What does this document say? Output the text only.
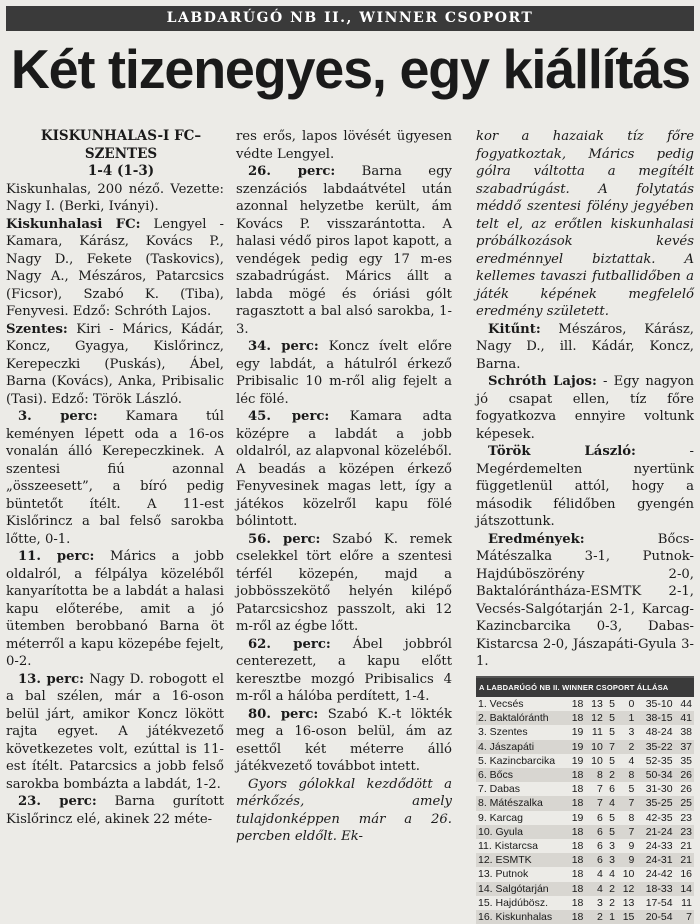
LABDARÚGÓ NB II., WINNER CSOPORT
Két tizenegyes, egy kiállítás

KISKUNHALAS-I FC–

SZENTES

1-4 (1-3)

Kiskunhalas, 200 néző. Vezette: Nagy I. (Berki, Iványi).

Kiskunhalasi FC: Lengyel - Kamara, Kárász, Kovács P., Nagy D., Fekete (Taskovics), Nagy A., Mészáros, Patarcsics (Ficsor), Szabó K. (Tiba), Fenyvesi. Edző: Schróth Lajos.

Szentes: Kiri - Márics, Kádár, Koncz, Gyagya, Kislőrincz, Kerepeczki (Puskás), Ábel, Barna (Kovács), Anka, Pribisalic (Tasi). Edző: Török László.

3. perc: Kamara túl keményen lépett oda a 16-os vonalán álló Kerepeczkinek. A szentesi fiú azonnal „összeesett”, a bíró pedig büntetőt ítélt. A 11-est Kislőrincz a bal felső sarokba lőtte, 0-1.

11. perc: Márics a jobb oldalról, a félpálya közeléből kanyarította be a labdát a halasi kapu előterébe, amit a jó ütemben berobbanó Barna öt méterről a kapu közepébe fejelt, 0-2.

13. perc: Nagy D. robogott el a bal szélen, már a 16-oson belül járt, amikor Koncz lökött rajta egyet. A játékvezető következetes volt, ezúttal is 11-est ítélt. Patarcsics a jobb felső sarokba bombázta a labdát, 1-2.

23. perc: Barna gurított Kislőrincz elé, akinek 22 méte-

res erős, lapos lövését ügyesen védte Lengyel.

26. perc: Barna egy szenzációs labdaátvétel után azonnal helyzetbe került, ám Kovács P. visszarántotta. A halasi védő piros lapot kapott, a vendégek pedig egy 17 m-es szabadrúgást. Márics állt a labda mögé és óriási gólt ragasztott a bal alsó sarokba, 1-3.

34. perc: Koncz ívelt előre egy labdát, a hátulról érkező Pribisalic 10 m-ről alig fejelt a léc fölé.

45. perc: Kamara adta középre a labdát a jobb oldalról, az alapvonal közeléből. A beadás a középen érkező Fenyvesinek magas lett, így a játékos közelről kapu fölé bólintott.

56. perc: Szabó K. remek cselekkel tört előre a szentesi térfél közepén, majd a jobbösszekötő helyén kilépő Patarcsicshoz passzolt, aki 12 m-ről az égbe lőtt.

62. perc: Ábel jobbról centerezett, a kapu előtt keresztbe mozgó Pribisalics 4 m-ről a hálóba perdített, 1-4.

80. perc: Szabó K.-t lökték meg a 16-oson belül, ám az esettől két méterre álló játékvezető továbbot intett.

Gyors gólokkal kezdődött a mérkőzés, amely tulajdonképpen már a 26. percben eldőlt. Ek-

kor a hazaiak tíz főre fogyatkoztak, Márics pedig gólra váltotta a megítélt szabadrúgást. A folytatás méddő szentesi fölény jegyében telt el, az erőtlen kiskunhalasi próbálkozások kevés eredménnyel biztattak. A kellemes tavaszi futballidőben a játék képének megfelelő eredmény született.

Kitűnt: Mészáros, Kárász, Nagy D., ill. Kádár, Koncz, Barna.

Schróth Lajos: - Egy nagyon jó csapat ellen, tíz főre fogyatkozva ennyire voltunk képesek.

Török László: - Megérdemelten nyertünk függetlenül attól, hogy a második félidőben gyengén játszottunk.

Eredmények: Bőcs-Mátészalka 3-1, Putnok-Hajdúböszörény 2-0, Baktalórántháza-ESMTK 2-1, Vecsés-Salgótarján 2-1, Karcag-Kazincbarcika 0-3, Dabas-Kistarcsa 2-0, Jászapáti-Gyula 3-1.

A LABDARÚGÓ NB II. WINNER CSOPORT ÁLLÁSA
1. Vecsés	18	13	5	0	35-10	44
2. Baktalóránth	18	12	5	1	38-15	41
3. Szentes	19	11	5	3	48-24	38
4. Jászapáti	19	10	7	2	35-22	37
5. Kazincbarcika	19	10	5	4	52-35	35
6. Bőcs	18	8	2	8	50-34	26
7. Dabas	18	7	6	5	31-30	26
8. Mátészalka	18	7	4	7	35-25	25
9. Karcag	19	6	5	8	42-35	23
10. Gyula	18	6	5	7	21-24	23
11. Kistarcsa	18	6	3	9	24-33	21
12. ESMTK	18	6	3	9	24-31	21
13. Putnok	18	4	4	10	24-42	16
14. Salgótarján	18	4	2	12	18-33	14
15. Hajdúbösz.	18	3	2	13	17-54	11
16. Kiskunhalas	18	2	1	15	20-54	7
